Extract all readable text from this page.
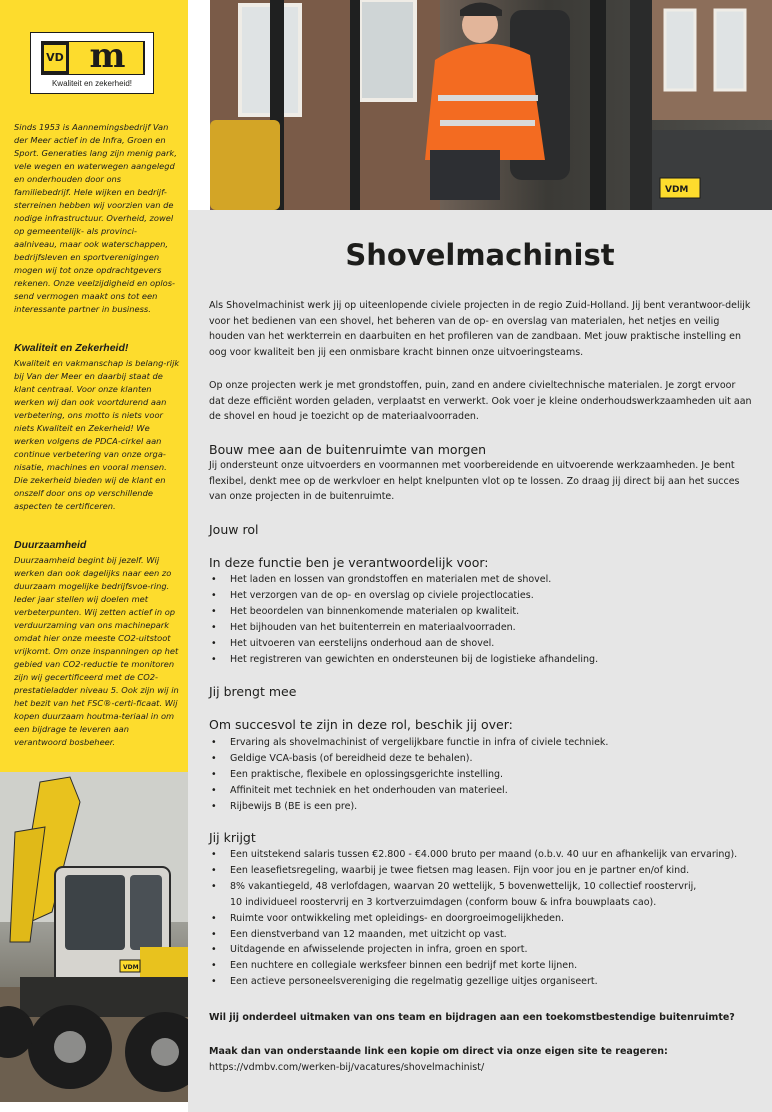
VD m
Kwaliteit en zekerheid!
Sinds 1953 is Aannemingsbedrijf Van der Meer actief in de Infra, Groen en Sport. Generaties lang zijn menig park, vele wegen en waterwegen aangelegd en onderhouden door ons familiebedrijf. Hele wijken en bedrijf-sterreinen hebben wij voorzien van de nodige infrastructuur. Overheid, zowel op gemeentelijk- als provinci-aalniveau, maar ook waterschappen, bedrijfsleven en sportverenigingen mogen wij tot onze opdrachtgevers rekenen. Onze veelzijdigheid en oplos-send vermogen maakt ons tot een interessante partner in business.
Kwaliteit en Zekerheid!
Kwaliteit en vakmanschap is belang-rijk bij Van der Meer en daarbij staat de klant centraal. Voor onze klanten werken wij dan ook voortdurend aan verbetering, ons motto is niets voor niets Kwaliteit en Zekerheid! We werken volgens de PDCA-cirkel aan continue verbetering van onze orga-nisatie, machines en vooral mensen. Die zekerheid bieden wij de klant en onszelf door ons op verschillende aspecten te certificeren.
Duurzaamheid
Duurzaamheid begint bij jezelf. Wij werken dan ook dagelijks naar een zo duurzaam mogelijke bedrijfsvoe-ring. Ieder jaar stellen wij doelen met verbeterpunten. Wij zetten actief in op verduurzaming van ons machinepark omdat hier onze meeste CO2-uitstoot vrijkomt. Om onze inspanningen op het gebied van CO2-reductie te monitoren zijn wij gecertificeerd met de CO2-prestatieladder niveau 5. Ook zijn wij in het bezit van het FSC®-certi-ficaat. Wij kopen duurzaam houtma-teriaal in om een bijdrage te leveren aan verantwoord bosbeheer.
VDM
VDM
Shovelmachinist
Als Shovelmachinist werk jij op uiteenlopende civiele projecten in de regio Zuid-Holland. Jij bent verantwoor-delijk voor het bedienen van een shovel, het beheren van de op- en overslag van materialen, het netjes en veilig houden van het werkterrein en daarbuiten en het profileren van de zandbaan. Met jouw praktische instelling en oog voor kwaliteit ben jij een onmisbare kracht binnen onze uitvoeringsteams.
Op onze projecten werk je met grondstoffen, puin, zand en andere civieltechnische materialen. Je zorgt ervoor dat deze efficiënt worden geladen, verplaatst en verwerkt. Ook voer je kleine onderhoudswerkzaamheden uit aan de shovel en houd je toezicht op de materiaalvoorraden.
Bouw mee aan de buitenruimte van morgen
Jij ondersteunt onze uitvoerders en voormannen met voorbereidende en uitvoerende werkzaamheden. Je bent flexibel, denkt mee op de werkvloer en helpt knelpunten vlot op te lossen. Zo draag jij direct bij aan het succes van onze projecten in de buitenruimte.
Jouw rol
In deze functie ben je verantwoordelijk voor:
• Het laden en lossen van grondstoffen en materialen met de shovel.
• Het verzorgen van de op- en overslag op civiele projectlocaties.
• Het beoordelen van binnenkomende materialen op kwaliteit.
• Het bijhouden van het buitenterrein en materiaalvoorraden.
• Het uitvoeren van eerstelijns onderhoud aan de shovel.
• Het registreren van gewichten en ondersteunen bij de logistieke afhandeling.
Jij brengt mee
Om succesvol te zijn in deze rol, beschik jij over:
• Ervaring als shovelmachinist of vergelijkbare functie in infra of civiele techniek.
• Geldige VCA-basis (of bereidheid deze te behalen).
• Een praktische, flexibele en oplossingsgerichte instelling.
• Affiniteit met techniek en het onderhouden van materieel.
• Rijbewijs B (BE is een pre).
Jij krijgt
• Een uitstekend salaris tussen €2.800 - €4.000 bruto per maand (o.b.v. 40 uur en afhankelijk van ervaring).
• Een leasefietsregeling, waarbij je twee fietsen mag leasen. Fijn voor jou en je partner en/of kind.
• 8% vakantiegeld, 48 verlofdagen, waarvan 20 wettelijk, 5 bovenwettelijk, 10 collectief roostervrij,
10 individueel roostervrij en 3 kortverzuimdagen (conform bouw & infra bouwplaats cao).
• Ruimte voor ontwikkeling met opleidings- en doorgroeimogelijkheden.
• Een dienstverband van 12 maanden, met uitzicht op vast.
• Uitdagende en afwisselende projecten in infra, groen en sport.
• Een nuchtere en collegiale werksfeer binnen een bedrijf met korte lijnen.
• Een actieve personeelsvereniging die regelmatig gezellige uitjes organiseert.
Wil jij onderdeel uitmaken van ons team en bijdragen aan een toekomstbestendige buitenruimte?
Maak dan van onderstaande link een kopie om direct via onze eigen site te reageren:
https://vdmbv.com/werken-bij/vacatures/shovelmachinist/
